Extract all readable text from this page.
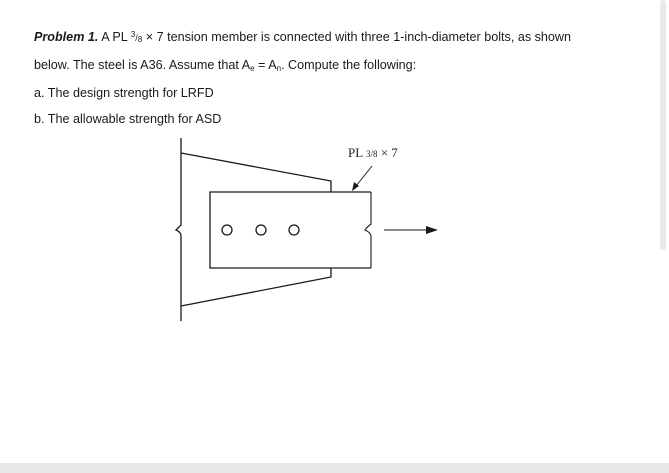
Problem 1. A PL $^3/_8 \times 7$ tension member is connected with three 1-inch-diameter bolts, as shown
below. The steel is A36. Assume that Ae = An. Compute the following:
a. The design strength for LRFD
b. The allowable strength for ASD
PL 3/8 × 7
